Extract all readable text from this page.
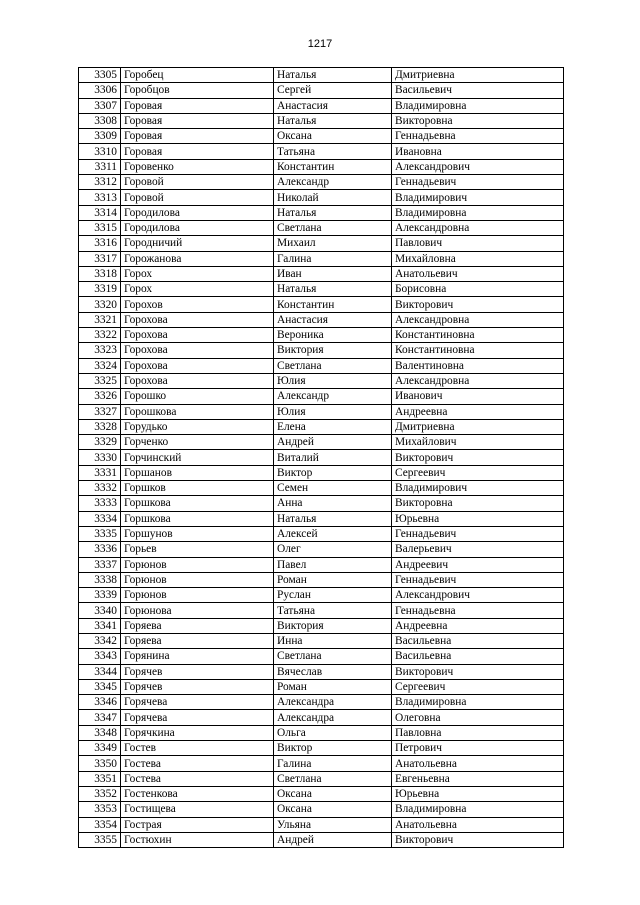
1217
3305	Горобец	Наталья	Дмитриевна
3306	Горобцов	Сергей	Васильевич
3307	Горовая	Анастасия	Владимировна
3308	Горовая	Наталья	Викторовна
3309	Горовая	Оксана	Геннадьевна
3310	Горовая	Татьяна	Ивановна
3311	Горовенко	Константин	Александрович
3312	Горовой	Александр	Геннадьевич
3313	Горовой	Николай	Владимирович
3314	Городилова	Наталья	Владимировна
3315	Городилова	Светлана	Александровна
3316	Городничий	Михаил	Павлович
3317	Горожанова	Галина	Михайловна
3318	Горох	Иван	Анатольевич
3319	Горох	Наталья	Борисовна
3320	Горохов	Константин	Викторович
3321	Горохова	Анастасия	Александровна
3322	Горохова	Вероника	Константиновна
3323	Горохова	Виктория	Константиновна
3324	Горохова	Светлана	Валентиновна
3325	Горохова	Юлия	Александровна
3326	Горошко	Александр	Иванович
3327	Горошкова	Юлия	Андреевна
3328	Горудько	Елена	Дмитриевна
3329	Горченко	Андрей	Михайлович
3330	Горчинский	Виталий	Викторович
3331	Горшанов	Виктор	Сергеевич
3332	Горшков	Семен	Владимирович
3333	Горшкова	Анна	Викторовна
3334	Горшкова	Наталья	Юрьевна
3335	Горшунов	Алексей	Геннадьевич
3336	Горьев	Олег	Валерьевич
3337	Горюнов	Павел	Андреевич
3338	Горюнов	Роман	Геннадьевич
3339	Горюнов	Руслан	Александрович
3340	Горюнова	Татьяна	Геннадьевна
3341	Горяева	Виктория	Андреевна
3342	Горяева	Инна	Васильевна
3343	Горянина	Светлана	Васильевна
3344	Горячев	Вячеслав	Викторович
3345	Горячев	Роман	Сергеевич
3346	Горячева	Александра	Владимировна
3347	Горячева	Александра	Олеговна
3348	Горячкина	Ольга	Павловна
3349	Гостев	Виктор	Петрович
3350	Гостева	Галина	Анатольевна
3351	Гостева	Светлана	Евгеньевна
3352	Гостенкова	Оксана	Юрьевна
3353	Гостищева	Оксана	Владимировна
3354	Гострая	Ульяна	Анатольевна
3355	Гостюхин	Андрей	Викторович
